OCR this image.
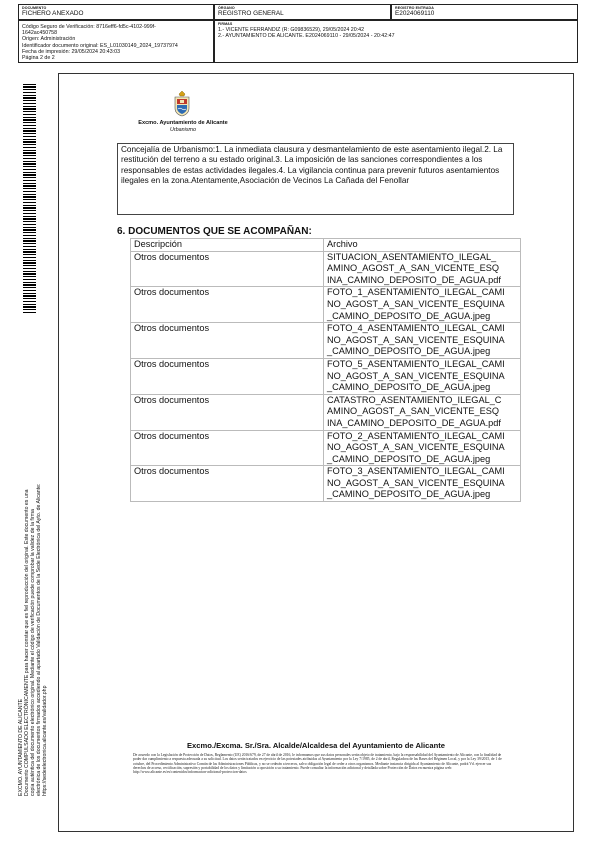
DOCUMENTO
FICHERO ANEXADO
ÓRGANO
REGISTRO GENERAL
REGISTRO ENTRADA
E2024069110
Código Seguro de Verificación: 8716eff6-fd5c-4102-999f-
1642ac450758
Origen: Administración
Identificador documento original: ES_L01030149_2024_19737974
Fecha de impresión: 29/05/2024 20:43:03
Página 2 de 2
FIRMAS
1.- VICENTE FERRANDIZ (R: G09836529), 29/05/2024 20:42
2.- AYUNTAMIENTO DE ALICANTE. E2024069110 - 29/05/2024 - 20:42:47
EXCMO. AYUNTAMIENTO DE ALICANTE Documento COMPULSADO ELECTRÓNICAMENTE para hacer constar que es fiel reproducción del original. Este documento es una copia auténtica del documento electrónico original. Mediante el código de verificación puede comprobar la validez de la firma electrónica de los documentos firmados accediendo al apartado Validación de Documentos de la Sede Electrónica del Ayto. de Alicante: https://sedeelectronica.alicante.es/validador.php
Excmo. Ayuntamiento de Alicante
Urbanismo
Concejalía de Urbanismo:1. La inmediata clausura y desmantelamiento de este asentamiento ilegal.2. La restitución del terreno a su estado original.3. La imposición de las sanciones correspondientes a los responsables de estas actividades ilegales.4. La vigilancia continua para prevenir futuros asentamientos ilegales en la zona.Atentamente,Asociación de Vecinos La Cañada del Fenollar
6. DOCUMENTOS QUE SE ACOMPAÑAN:
Descripción	Archivo
Otros documentos	SITUACION_ASENTAMIENTO_ILEGAL_
AMINO_AGOST_A_SAN_VICENTE_ESQ
INA_CAMINO_DEPOSITO_DE_AGUA.pdf
Otros documentos	FOTO_1_ASENTAMIENTO_ILEGAL_CAMI
NO_AGOST_A_SAN_VICENTE_ESQUINA
_CAMINO_DEPOSITO_DE_AGUA.jpeg
Otros documentos	FOTO_4_ASENTAMIENTO_ILEGAL_CAMI
NO_AGOST_A_SAN_VICENTE_ESQUINA
_CAMINO_DEPOSITO_DE_AGUA.jpeg
Otros documentos	FOTO_5_ASENTAMIENTO_ILEGAL_CAMI
NO_AGOST_A_SAN_VICENTE_ESQUINA
_CAMINO_DEPOSITO_DE_AGUA.jpeg
Otros documentos	CATASTRO_ASENTAMIENTO_ILEGAL_C
AMINO_AGOST_A_SAN_VICENTE_ESQ
INA_CAMINO_DEPOSITO_DE_AGUA.pdf
Otros documentos	FOTO_2_ASENTAMIENTO_ILEGAL_CAMI
NO_AGOST_A_SAN_VICENTE_ESQUINA
_CAMINO_DEPOSITO_DE_AGUA.jpeg
Otros documentos	FOTO_3_ASENTAMIENTO_ILEGAL_CAMI
NO_AGOST_A_SAN_VICENTE_ESQUINA
_CAMINO_DEPOSITO_DE_AGUA.jpeg
Excmo./Excma. Sr./Sra. Alcalde/Alcaldesa del Ayuntamiento de Alicante
De acuerdo con la Legislación de Protección de Datos, Reglamento (UE) 2016/679, de 27 de abril de 2016, le informamos que sus datos personales serán objeto de tratamiento, bajo la responsabilidad del Ayuntamiento de Alicante, con la finalidad de poder dar cumplimiento a respuesta adecuada a su solicitud. Los datos serán tratados en ejercicio de las potestades atribuidas al Ayuntamiento por la Ley 7/1985, de 2 de abril, Reguladora de las Bases del Régimen Local, y por la Ley 39/2015, de 1 de octubre, del Procedimiento Administrativo Común de las Administraciones Públicas, y no se cederán a terceros, salvo obligación legal de ceder a otros organismos. Mediante instancia dirigida al Ayuntamiento de Alicante, podrá Vd. ejercer sus derechos de acceso, rectificación, supresión y portabilidad de los datos y limitación u oposición a su tratamiento. Puede consultar la información adicional y detallada sobre Protección de Datos en nuestra página web: http://www.alicante.es/es/contenidos/informacion-adicional-proteccion-datos
